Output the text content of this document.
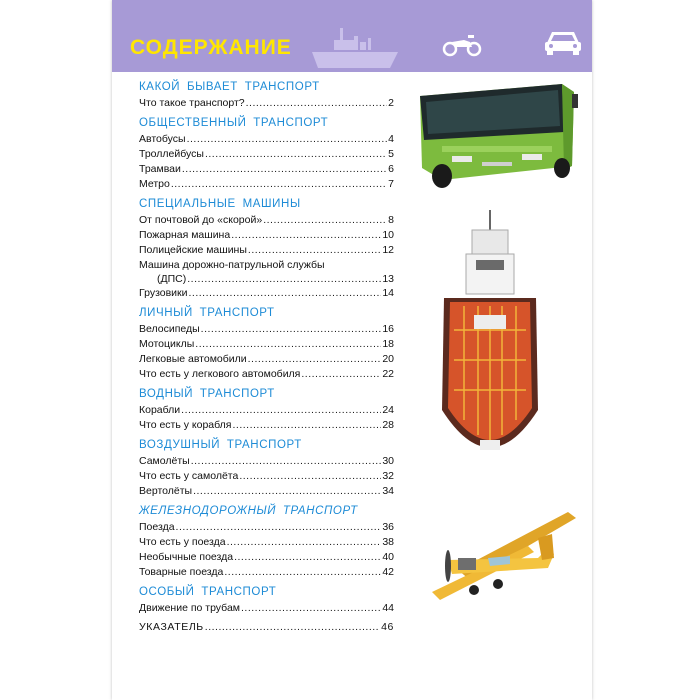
СОДЕРЖАНИЕ
КАКОЙ БЫВАЕТ ТРАНСПОРТ
Что такое транспорт? .....	2
ОБЩЕСТВЕННЫЙ ТРАНСПОРТ
Автобусы .....	4
Троллейбусы .....	5
Трамваи .....	6
Метро .....	7
СПЕЦИАЛЬНЫЕ МАШИНЫ
От почтовой до «скорой» .....	8
Пожарная машина .....	10
Полицейские машины .....	12
Машина дорожно-патрульной службы
(ДПС) .....	13
Грузовики .....	14
ЛИЧНЫЙ ТРАНСПОРТ
Велосипеды .....	16
Мотоциклы .....	18
Легковые автомобили .....	20
Что есть у легкового автомобиля .....	22
ВОДНЫЙ ТРАНСПОРТ
Корабли .....	24
Что есть у корабля .....	28
ВОЗДУШНЫЙ ТРАНСПОРТ
Самолёты .....	30
Что есть у самолёта .....	32
Вертолёты .....	34
ЖЕЛЕЗНОДОРОЖНЫЙ ТРАНСПОРТ
Поезда .....	36
Что есть у поезда .....	38
Необычные поезда .....	40
Товарные поезда .....	42
ОСОБЫЙ ТРАНСПОРТ
Движение по трубам .....	44
УКАЗАТЕЛЬ .....	46
